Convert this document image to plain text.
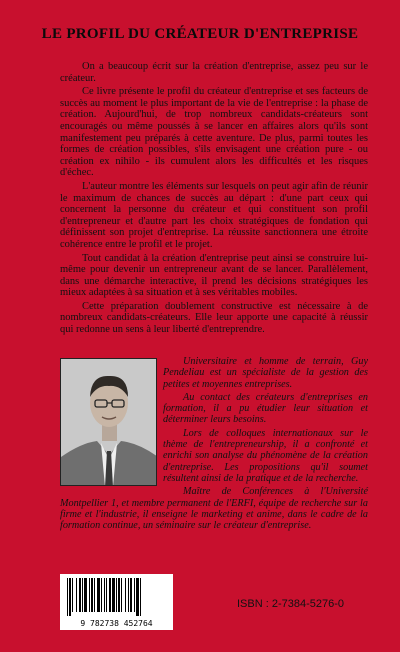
LE PROFIL DU CRÉATEUR D'ENTREPRISE

On a beaucoup écrit sur la création d'entreprise, assez peu sur le créateur.

Ce livre présente le profil du créateur d'entreprise et ses facteurs de succès au moment le plus important de la vie de l'entreprise : la phase de création. Aujourd'hui, de trop nombreux candidats-créateurs sont encouragés ou même poussés à se lancer en affaires alors qu'ils sont manifestement peu préparés à cette aventure. De plus, parmi toutes les formes de création possibles, s'ils envisagent une création pure - ou création ex nihilo - ils cumulent alors les difficultés et les risques d'échec.

L'auteur montre les éléments sur lesquels on peut agir afin de réunir le maximum de chances de succès au départ : d'une part ceux qui concernent la personne du créateur et qui constituent son profil d'entrepreneur et d'autre part les choix stratégiques de fondation qui définissent son projet d'entreprise. La réussite sanctionnera une étroite cohérence entre le profil et le projet.

Tout candidat à la création d'entreprise peut ainsi se construire lui-même pour devenir un entrepreneur avant de se lancer. Parallèlement, dans une démarche interactive, il prend les décisions stratégiques les mieux adaptées à sa situation et à ses véritables mobiles.

Cette préparation doublement constructive est nécessaire à de nombreux candidats-créateurs. Elle leur apporte une capacité à réussir qui redonne un sens à leur liberté d'entreprendre.

Universitaire et homme de terrain, Guy Pendeliau est un spécialiste de la gestion des petites et moyennes entreprises.

Au contact des créateurs d'entreprises en formation, il a pu étudier leur situation et déterminer leurs besoins.

Lors de colloques internationaux sur le thème de l'entrepreneurship, il a confronté et enrichi son analyse du phénomène de la création d'entreprise. Les propositions qu'il soumet résultent ainsi de la pratique et de la recherche.

Maître de Conférences à l'Université Montpellier 1, et membre permanent de l'ERFI, équipe de recherche sur la firme et l'industrie, il enseigne le marketing et anime, dans le cadre de la formation continue, un séminaire sur le créateur d'entreprise.

9 782738 452764
ISBN : 2-7384-5276-0
